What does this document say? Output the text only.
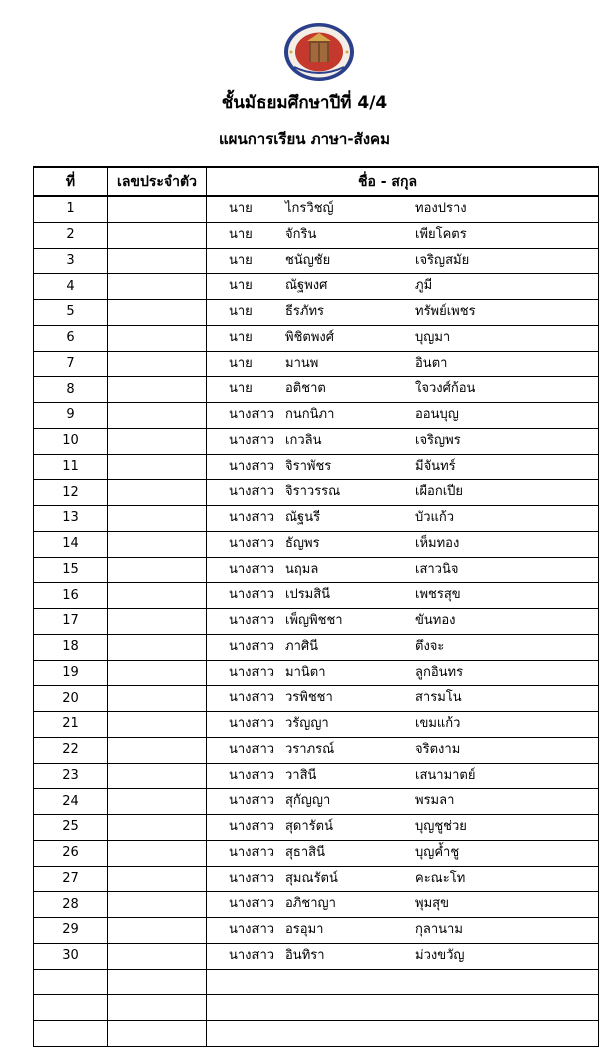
ชั้นมัธยมศึกษาปีที่ 4/4
แผนการเรียน ภาษา-สังคม
ที่	เลขประจำตัว	ชื่อ - สกุล
1		นาย ไกรวิชญ์ ทองปราง

2		นาย จักริน เพียโคตร

3		นาย ชนัญชัย เจริญสมัย

4		นาย ณัฐพงศ ภูมี

5		นาย ธีรภัทร ทรัพย์เพชร

6		นาย พิชิตพงศ์ บุญมา

7		นาย มานพ อินตา

8		นาย อติชาต ใจวงศ์ก้อน

9		นางสาว กนกนิภา ออนบุญ

10		นางสาว เกวลิน เจริญพร

11		นางสาว จิราพัชร มีจันทร์

12		นางสาว จิราวรรณ เผือกเปีย

13		นางสาว ณัฐนรี บัวแก้ว

14		นางสาว ธัญพร เห็มทอง

15		นางสาว นฤมล เสาวนิจ

16		นางสาว เปรมสินี เพชรสุข

17		นางสาว เพ็ญพิชชา ขันทอง

18		นางสาว ภาศินี ตึงจะ

19		นางสาว มานิตา ลูกอินทร

20		นางสาว วรพิชชา สารมโน

21		นางสาว วรัญญา เขมแก้ว

22		นางสาว วราภรณ์ จริตงาม

23		นางสาว วาสินี เสนามาตย์

24		นางสาว สุกัญญา พรมลา

25		นางสาว สุดารัตน์ บุญชูช่วย

26		นางสาว สุธาสินี บุญค้ำชู

27		นางสาว สุมณรัตน์ คะณะโท

28		นางสาว อภิชาญา พุมสุข

29		นางสาว อรอุมา กุลานาม

30		นางสาว อินทิรา ม่วงขวัญ
